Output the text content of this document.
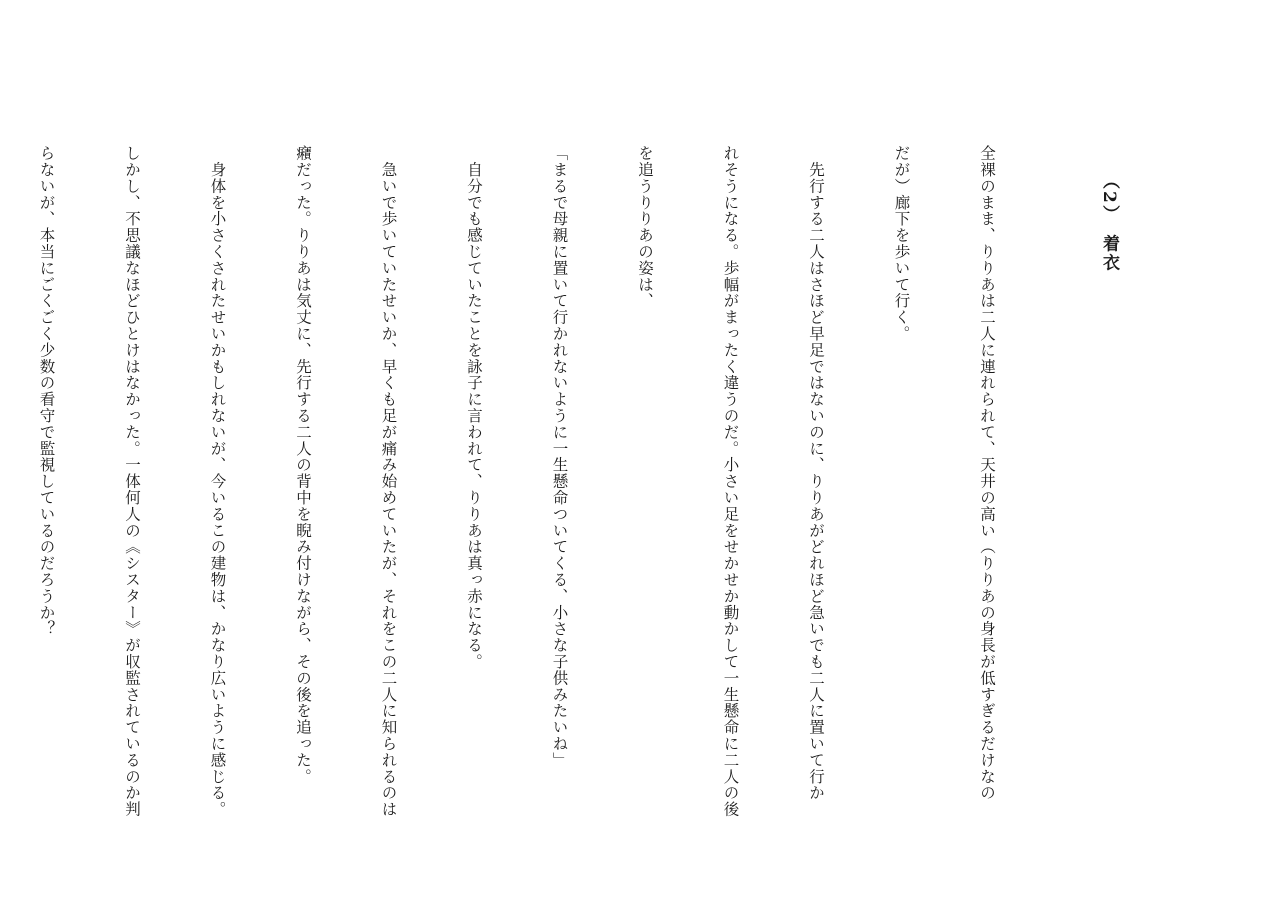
（2）　着衣

全裸のまま、りりあは二人に連れられて、天井の高い（りりあの身長が低すぎるだけなの

だが）廊下を歩いて行く。

　先行する二人はさほど早足ではないのに、りりあがどれほど急いでも二人に置いて行か

れそうになる。歩幅がまったく違うのだ。小さい足をせかせか動かして一生懸命に二人の後

を追うりりあの姿は、

「まるで母親に置いて行かれないように一生懸命ついてくる、小さな子供みたいね」

　自分でも感じていたことを詠子に言われて、りりあは真っ赤になる。

　急いで歩いていたせいか、早くも足が痛み始めていたが、それをこの二人に知られるのは

癪だった。りりあは気丈に、先行する二人の背中を睨み付けながら、その後を追った。

　身体を小さくされたせいかもしれないが、今いるこの建物は、かなり広いように感じる。

しかし、不思議なほどひとけはなかった。一体何人の《シスター》が収監されているのか判

らないが、本当にごくごく少数の看守で監視しているのだろうか？
